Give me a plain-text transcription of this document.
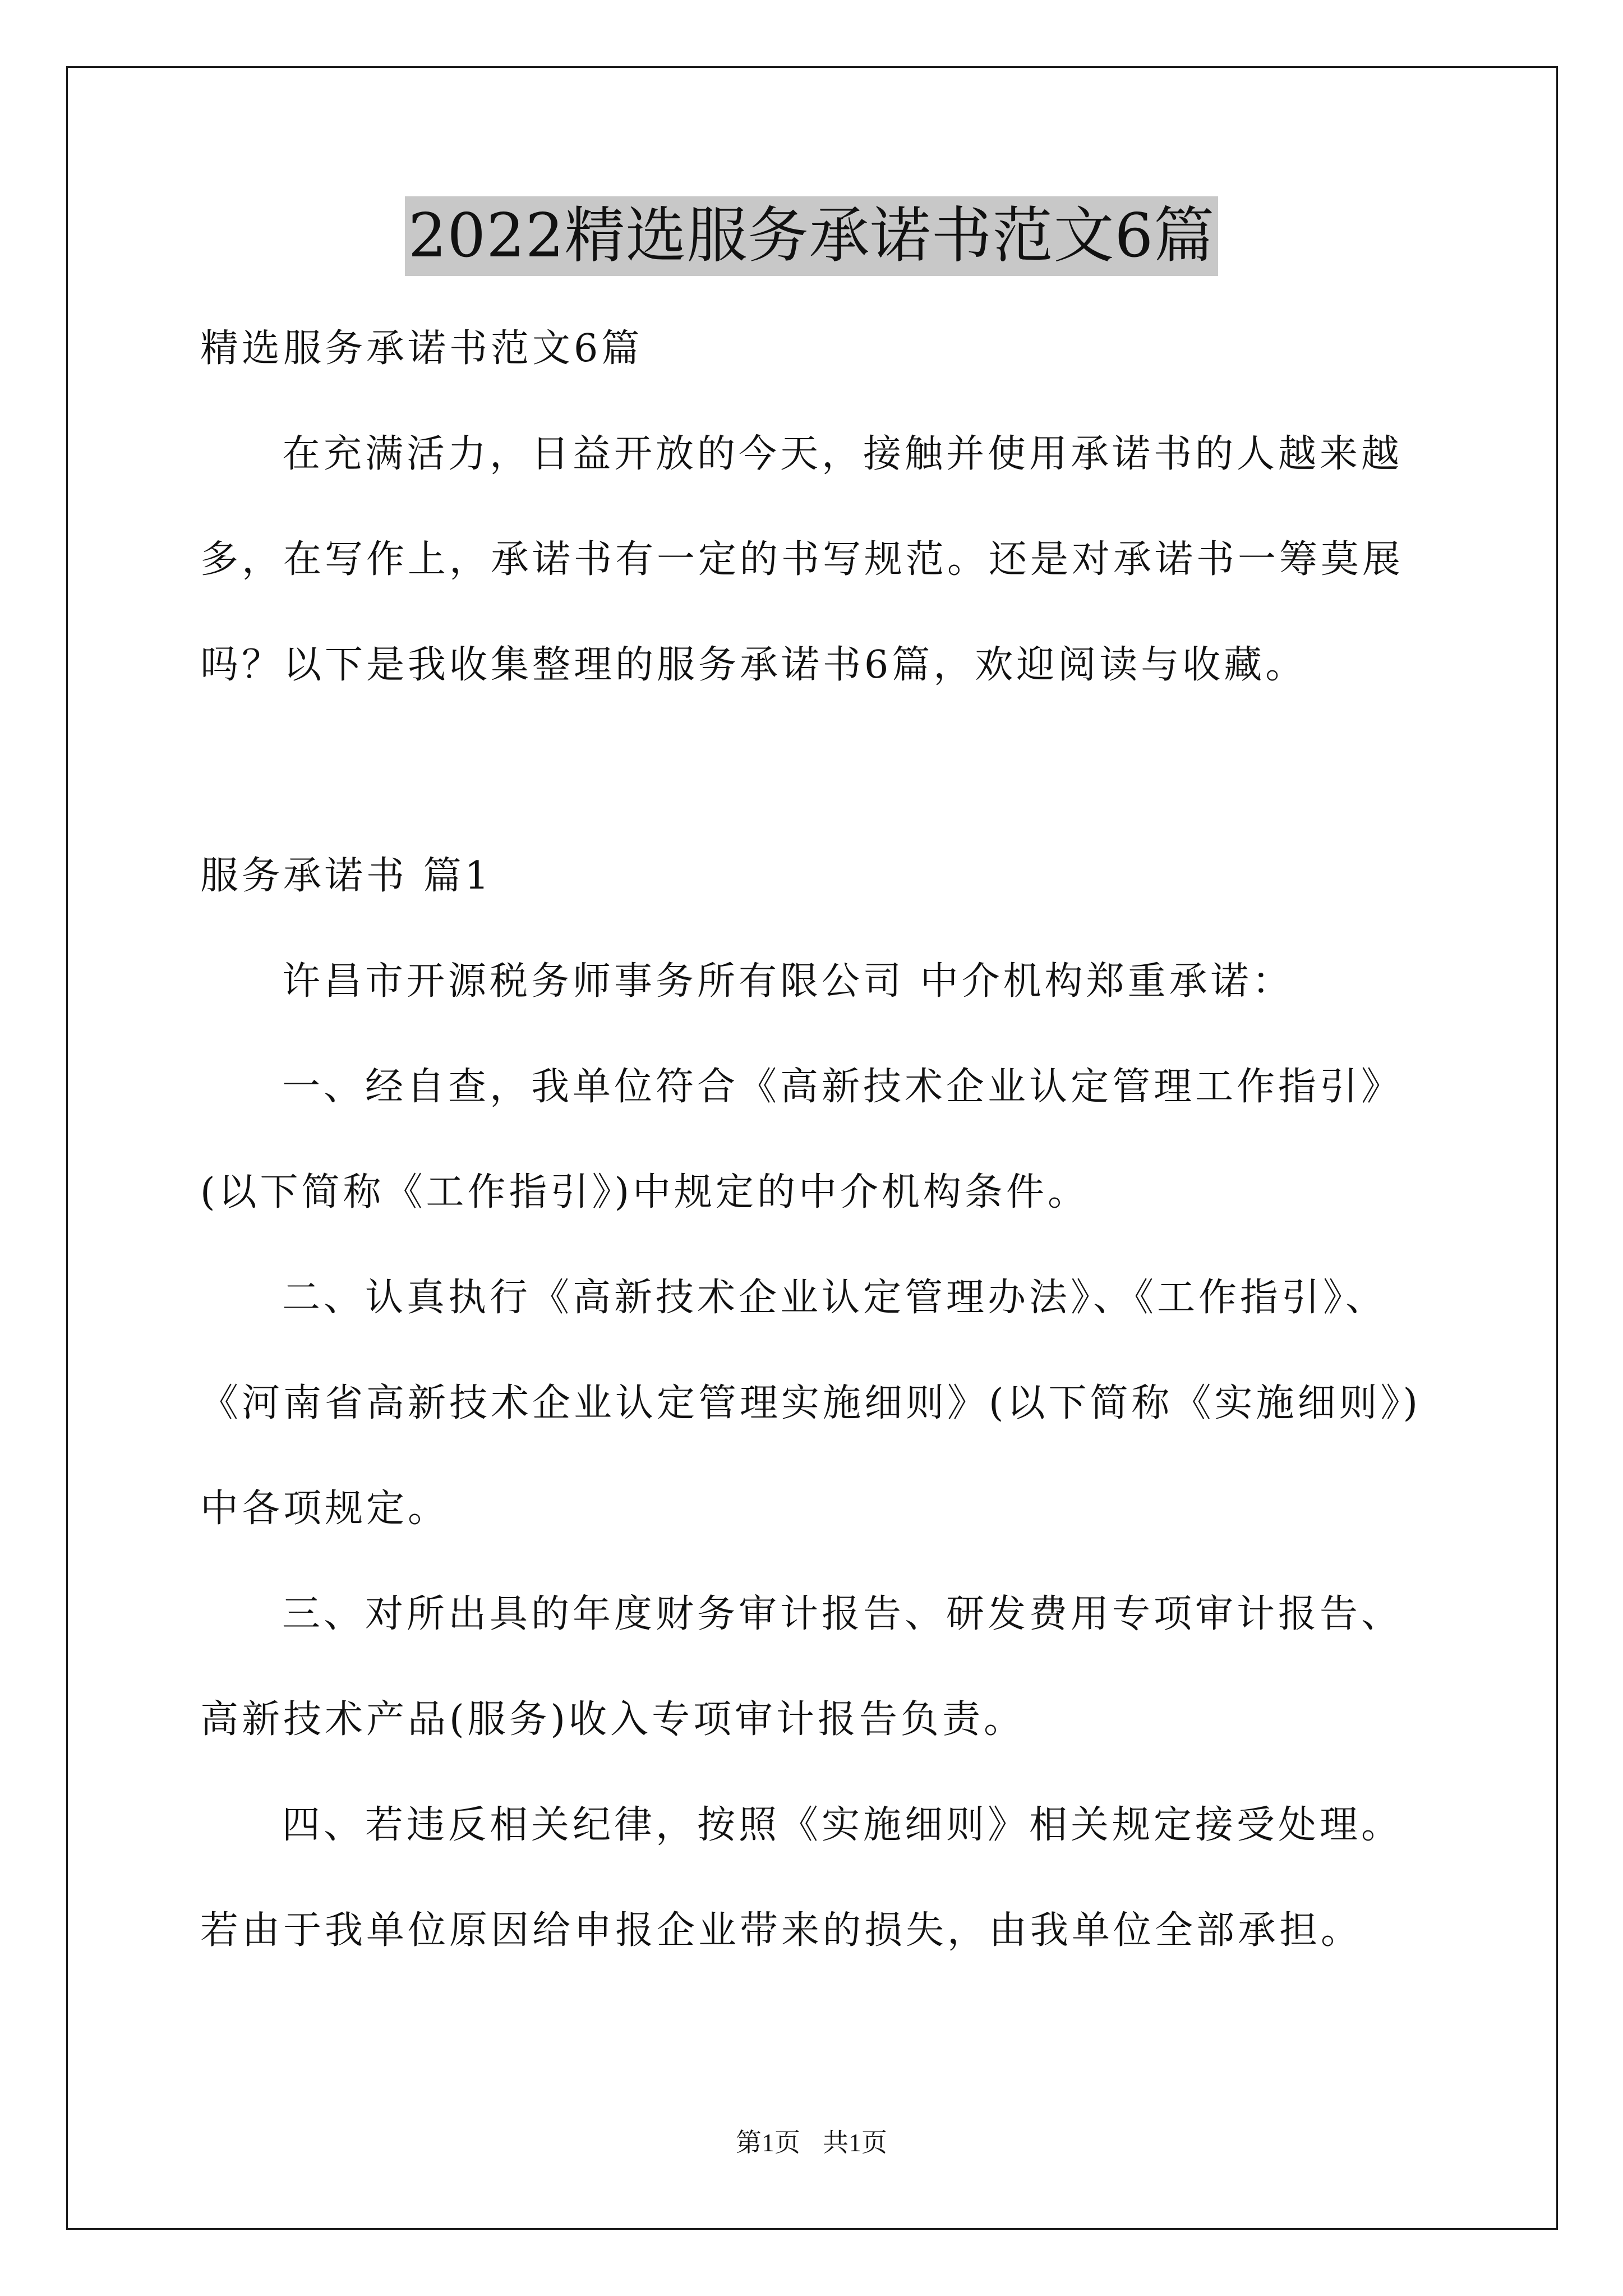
2022精选服务承诺书范文6篇

精选服务承诺书范文6篇

在充满活力，日益开放的今天，接触并使用承诺书的人越来越多，在写作上，承诺书有一定的书写规范。还是对承诺书一筹莫展吗？以下是我收集整理的服务承诺书6篇，欢迎阅读与收藏。

服务承诺书 篇1

许昌市开源税务师事务所有限公司 中介机构郑重承诺：

一、经自查，我单位符合《高新技术企业认定管理工作指引》(以下简称《工作指引》)中规定的中介机构条件。

二、认真执行《高新技术企业认定管理办法》、《工作指引》、《河南省高新技术企业认定管理实施细则》(以下简称《实施细则》)中各项规定。

三、对所出具的年度财务审计报告、研发费用专项审计报告、高新技术产品(服务)收入专项审计报告负责。

四、若违反相关纪律，按照《实施细则》相关规定接受处理。若由于我单位原因给申报企业带来的损失，由我单位全部承担。

第1页 共1页
